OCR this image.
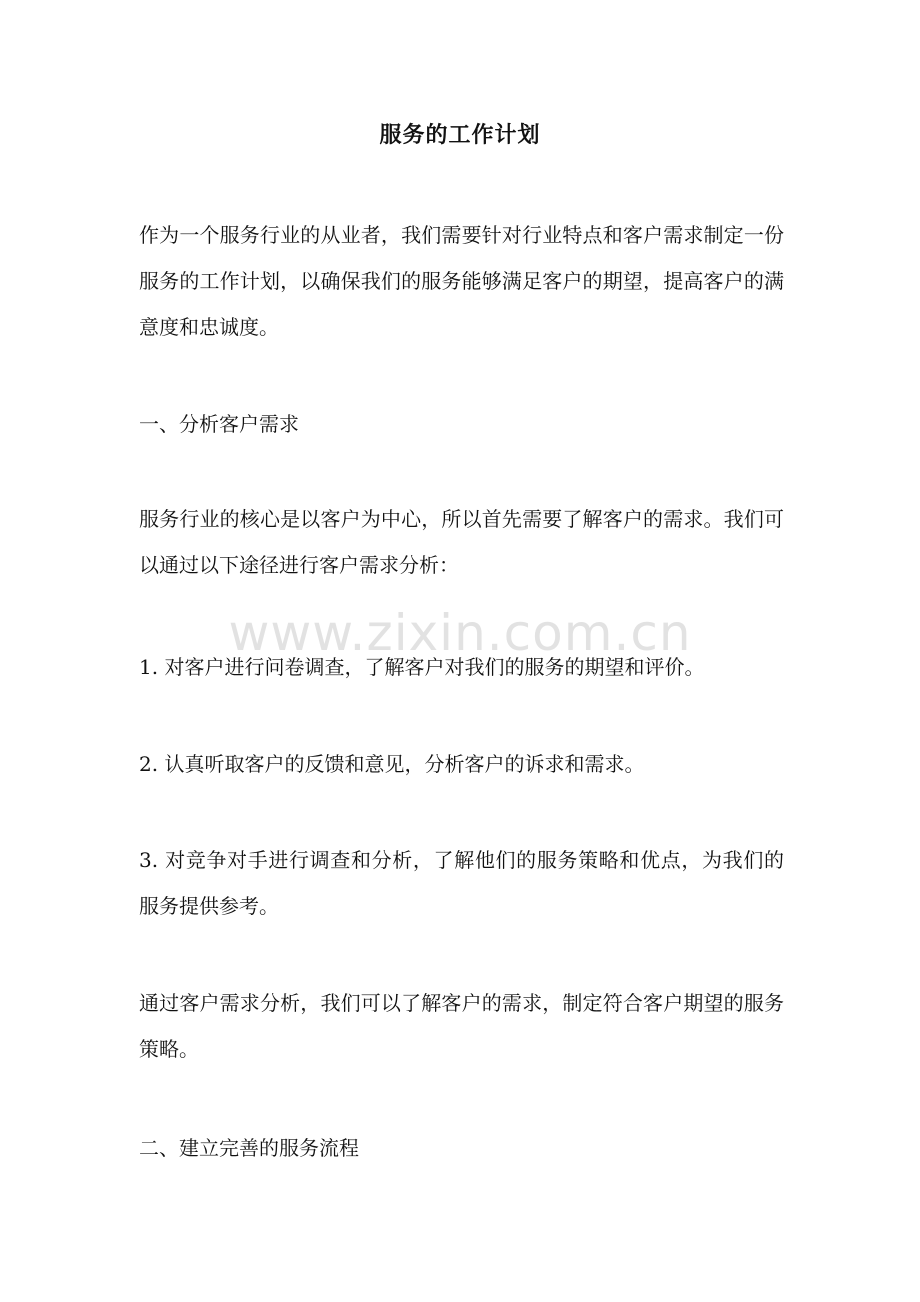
服务的工作计划

作为一个服务行业的从业者，我们需要针对行业特点和客户需求制定一份服务的工作计划，以确保我们的服务能够满足客户的期望，提高客户的满意度和忠诚度。

一、分析客户需求

服务行业的核心是以客户为中心，所以首先需要了解客户的需求。我们可以通过以下途径进行客户需求分析：

1. 对客户进行问卷调查，了解客户对我们的服务的期望和评价。

2. 认真听取客户的反馈和意见，分析客户的诉求和需求。

3. 对竞争对手进行调查和分析，了解他们的服务策略和优点，为我们的服务提供参考。

通过客户需求分析，我们可以了解客户的需求，制定符合客户期望的服务策略。

二、建立完善的服务流程

www.zixin.com.cn
